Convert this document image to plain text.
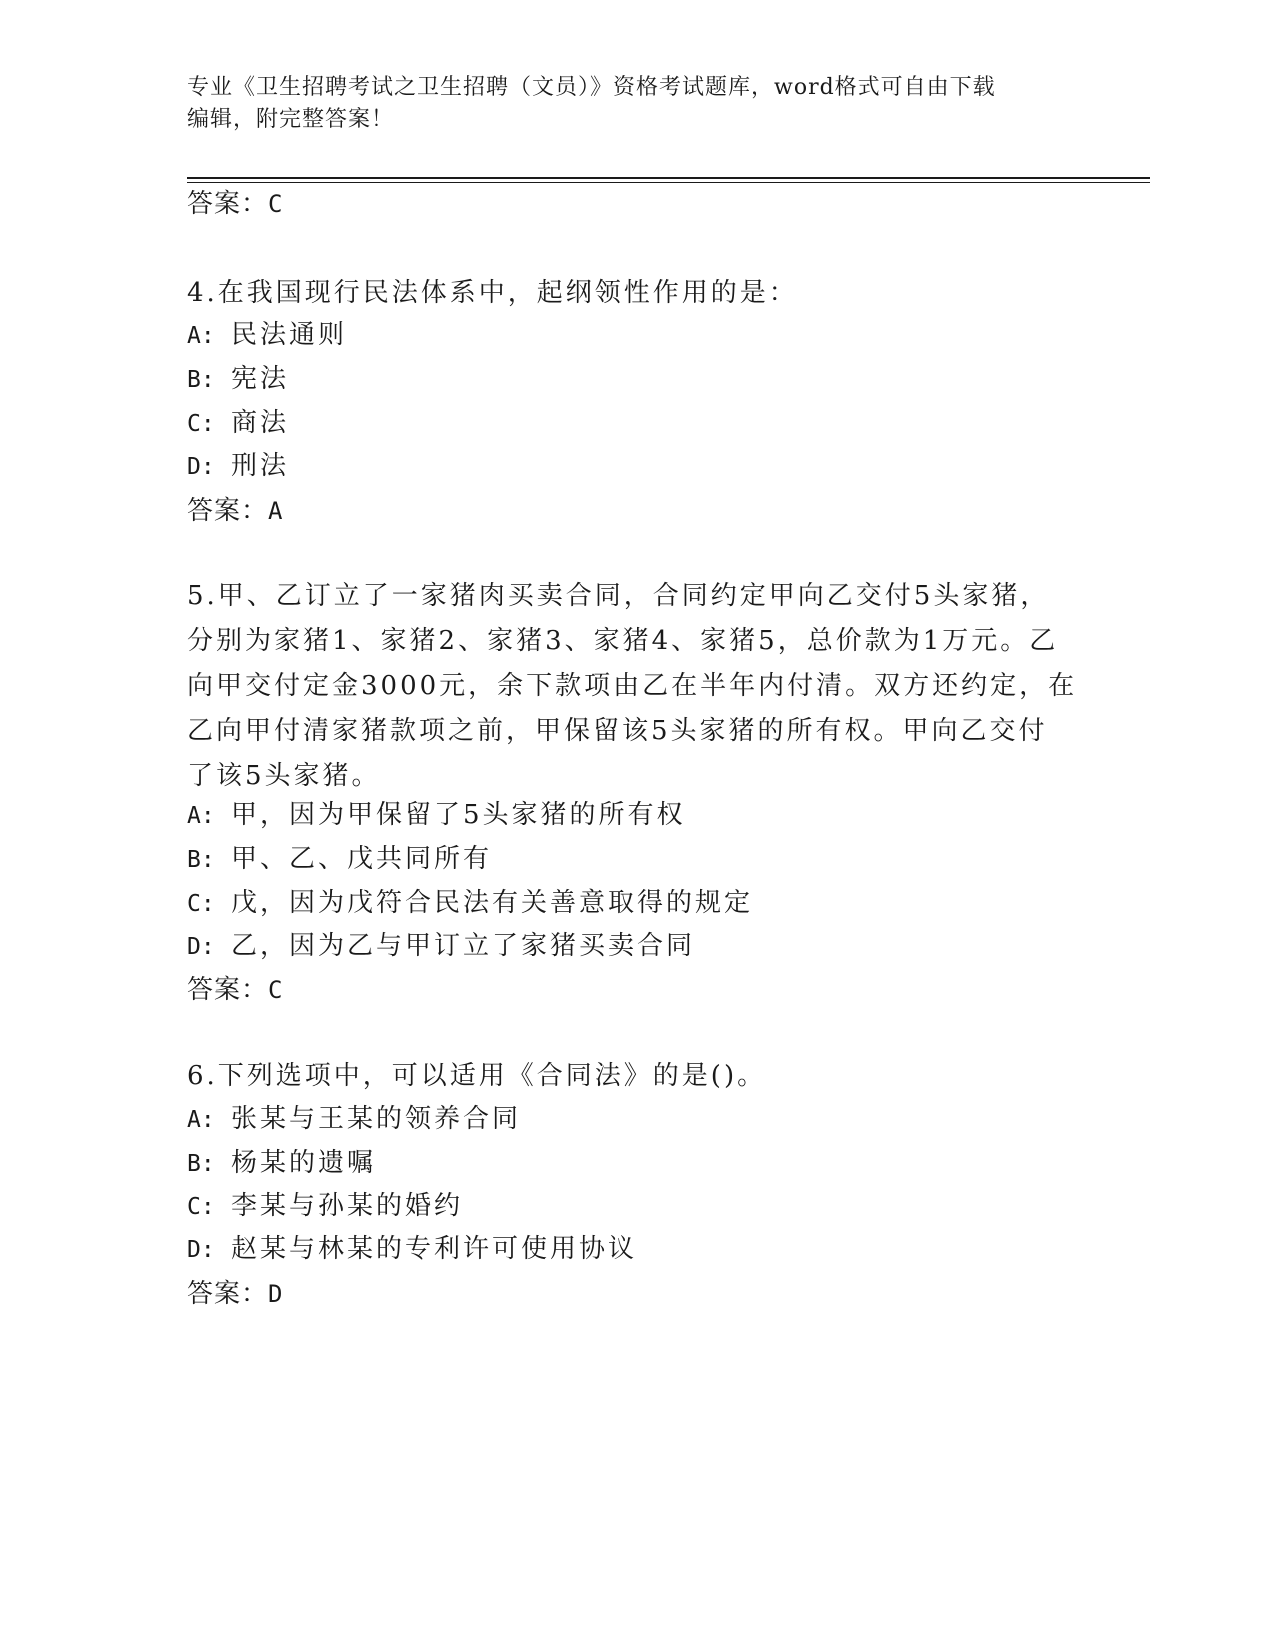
专业《卫生招聘考试之卫生招聘（文员）》资格考试题库，word格式可自由下载
编辑，附完整答案！
答案：C
4.在我国现行民法体系中，起纲领性作用的是：
A: 民法通则
B: 宪法
C: 商法
D: 刑法
答案：A
5.甲、乙订立了一家猪肉买卖合同，合同约定甲向乙交付5头家猪，
分别为家猪1、家猪2、家猪3、家猪4、家猪5，总价款为1万元。乙
向甲交付定金3000元，余下款项由乙在半年内付清。双方还约定，在
乙向甲付清家猪款项之前，甲保留该5头家猪的所有权。甲向乙交付
了该5头家猪。
A: 甲，因为甲保留了5头家猪的所有权
B: 甲、乙、戊共同所有
C: 戊，因为戊符合民法有关善意取得的规定
D: 乙，因为乙与甲订立了家猪买卖合同
答案：C
6.下列选项中，可以适用《合同法》的是()。
A: 张某与王某的领养合同
B: 杨某的遗嘱
C: 李某与孙某的婚约
D: 赵某与林某的专利许可使用协议
答案：D
